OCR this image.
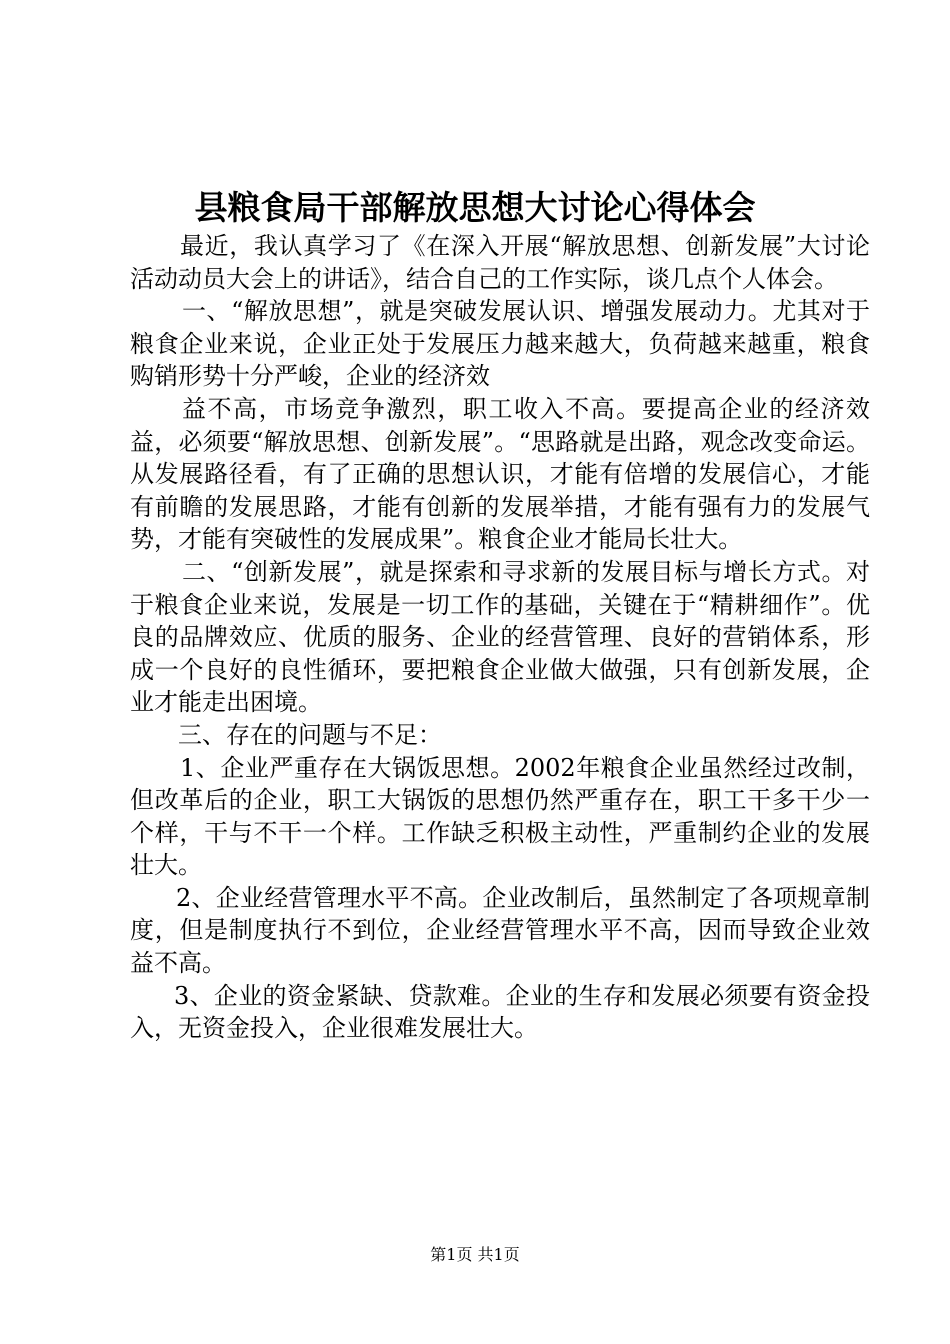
县粮食局干部解放思想大讨论心得体会

最近，我认真学习了《在深入开展“解放思想、创新发展”大讨论活动动员大会上的讲话》，结合自己的工作实际，谈几点个人体会。

一、“解放思想”，就是突破发展认识、增强发展动力。尤其对于粮食企业来说，企业正处于发展压力越来越大，负荷越来越重，粮食购销形势十分严峻，企业的经济效

益不高，市场竞争激烈，职工收入不高。要提高企业的经济效益，必须要“解放思想、创新发展”。“思路就是出路，观念改变命运。从发展路径看，有了正确的思想认识，才能有倍增的发展信心，才能有前瞻的发展思路，才能有创新的发展举措，才能有强有力的发展气势，才能有突破性的发展成果”。粮食企业才能局长壮大。

二、“创新发展”，就是探索和寻求新的发展目标与增长方式。对于粮食企业来说，发展是一切工作的基础，关键在于“精耕细作”。优良的品牌效应、优质的服务、企业的经营管理、良好的营销体系，形成一个良好的良性循环，要把粮食企业做大做强，只有创新发展，企业才能走出困境。

三、存在的问题与不足：

1、企业严重存在大锅饭思想。2002年粮食企业虽然经过改制，但改革后的企业，职工大锅饭的思想仍然严重存在，职工干多干少一个样，干与不干一个样。工作缺乏积极主动性，严重制约企业的发展壮大。

2、企业经营管理水平不高。企业改制后，虽然制定了各项规章制度，但是制度执行不到位，企业经营管理水平不高，因而导致企业效益不高。

3、企业的资金紧缺、贷款难。企业的生存和发展必须要有资金投入，无资金投入，企业很难发展壮大。

第1页 共1页
